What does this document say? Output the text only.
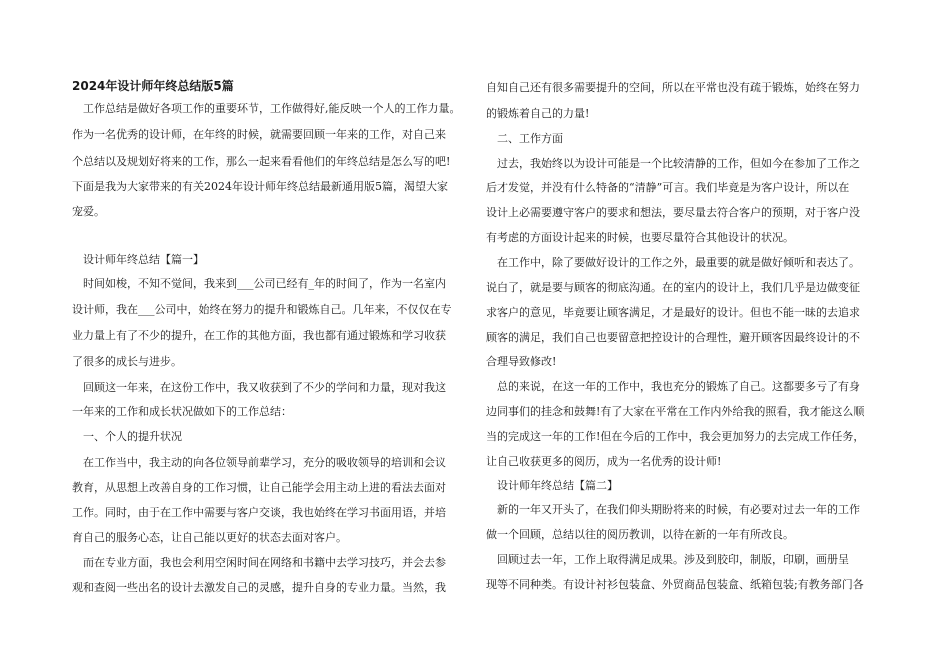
2024年设计师年终总结版5篇
工作总结是做好各项工作的重要环节，工作做得好,能反映一个人的工作力量。
作为一名优秀的设计师，在年终的时候，就需要回顾一年来的工作，对自己来
个总结以及规划好将来的工作，那么一起来看看他们的年终总结是怎么写的吧!
下面是我为大家带来的有关2024年设计师年终总结最新通用版5篇，渴望大家
宠爱。
设计师年终总结【篇一】
时间如梭，不知不觉间，我来到___公司已经有_年的时间了，作为一名室内
设计师，我在___公司中，始终在努力的提升和锻炼自己。几年来，不仅仅在专
业力量上有了不少的提升，在工作的其他方面，我也都有通过锻炼和学习收获
了很多的成长与进步。
回顾这一年来，在这份工作中，我又收获到了不少的学问和力量，现对我这
一年来的工作和成长状况做如下的工作总结：
一、个人的提升状况
在工作当中，我主动的向各位领导前辈学习，充分的吸收领导的培训和会议
教育，从思想上改善自身的工作习惯，让自己能学会用主动上进的看法去面对
工作。同时，由于在工作中需要与客户交谈，我也始终在学习书面用语，并培
育自己的服务心态，让自己能以更好的状态去面对客户。
而在专业方面，我也会利用空闲时间在网络和书籍中去学习技巧，并会去参
观和查阅一些出名的设计去激发自己的灵感，提升自身的专业力量。当然，我
自知自己还有很多需要提升的空间，所以在平常也没有疏于锻炼，始终在努力
的锻炼着自己的力量!
二、工作方面
过去，我始终以为设计可能是一个比较清静的工作，但如今在参加了工作之
后才发觉，并没有什么特备的“清静”可言。我们毕竟是为客户设计，所以在
设计上必需要遵守客户的要求和想法，要尽量去符合客户的预期，对于客户没
有考虑的方面设计起来的时候，也要尽量符合其他设计的状况。
在工作中，除了要做好设计的工作之外，最重要的就是做好倾听和表达了。
说白了，就是要与顾客的彻底沟通。在的室内的设计上，我们几乎是边做变征
求客户的意见，毕竟要让顾客满足，才是最好的设计。但也不能一昧的去追求
顾客的满足，我们自己也要留意把控设计的合理性，避开顾客因最终设计的不
合理导致修改!
总的来说，在这一年的工作中，我也充分的锻炼了自己。这都要多亏了有身
边同事们的挂念和鼓舞!有了大家在平常在工作内外给我的照看，我才能这么顺
当的完成这一年的工作!但在今后的工作中，我会更加努力的去完成工作任务，
让自己收获更多的阅历，成为一名优秀的设计师!
设计师年终总结【篇二】
新的一年又开头了，在我们仰头期盼将来的时候，有必要对过去一年的工作
做一个回顾，总结以往的阅历教训，以待在新的一年有所改良。
回顾过去一年，工作上取得满足成果。涉及到胶印，制版，印刷，画册呈
现等不同种类。有设计衬衫包装盒、外贸商品包装盒、纸箱包装;有教务部门各
